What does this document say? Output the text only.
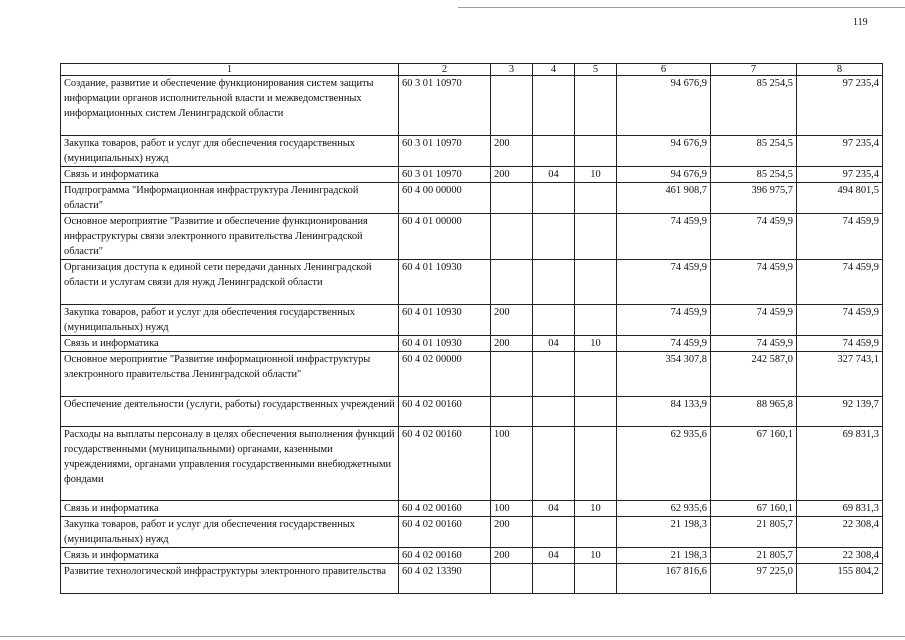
119
1	2	3	4	5	6	7	8
Создание, развитие и обеспечение функционирования систем защиты информации органов исполнительной власти и межведомственных информационных систем Ленинградской области	60 3 01 10970				94 676,9	85 254,5	97 235,4
Закупка товаров, работ и услуг для обеспечения государственных (муниципальных) нужд	60 3 01 10970	200			94 676,9	85 254,5	97 235,4
Связь и информатика	60 3 01 10970	200	04	10	94 676,9	85 254,5	97 235,4
Подпрограмма "Информационная инфраструктура Ленинградской области"	60 4 00 00000				461 908,7	396 975,7	494 801,5
Основное мероприятие "Развитие и обеспечение функционирования инфраструктуры связи электронного правительства Ленинградской области"	60 4 01 00000				74 459,9	74 459,9	74 459,9
Организация доступа к единой сети передачи данных Ленинградской области и услугам связи для нужд Ленинградской области	60 4 01 10930				74 459,9	74 459,9	74 459,9
Закупка товаров, работ и услуг для обеспечения государственных (муниципальных) нужд	60 4 01 10930	200			74 459,9	74 459,9	74 459,9
Связь и информатика	60 4 01 10930	200	04	10	74 459,9	74 459,9	74 459,9
Основное мероприятие "Развитие информационной инфраструктуры электронного правительства Ленинградской области"	60 4 02 00000				354 307,8	242 587,0	327 743,1
Обеспечение деятельности (услуги, работы) государственных учреждений	60 4 02 00160				84 133,9	88 965,8	92 139,7
Расходы на выплаты персоналу в целях обеспечения выполнения функций государственными (муниципальными) органами, казенными учреждениями, органами управления государственными внебюджетными фондами	60 4 02 00160	100			62 935,6	67 160,1	69 831,3
Связь и информатика	60 4 02 00160	100	04	10	62 935,6	67 160,1	69 831,3
Закупка товаров, работ и услуг для обеспечения государственных (муниципальных) нужд	60 4 02 00160	200			21 198,3	21 805,7	22 308,4
Связь и информатика	60 4 02 00160	200	04	10	21 198,3	21 805,7	22 308,4
Развитие технологической инфраструктуры электронного правительства	60 4 02 13390				167 816,6	97 225,0	155 804,2
